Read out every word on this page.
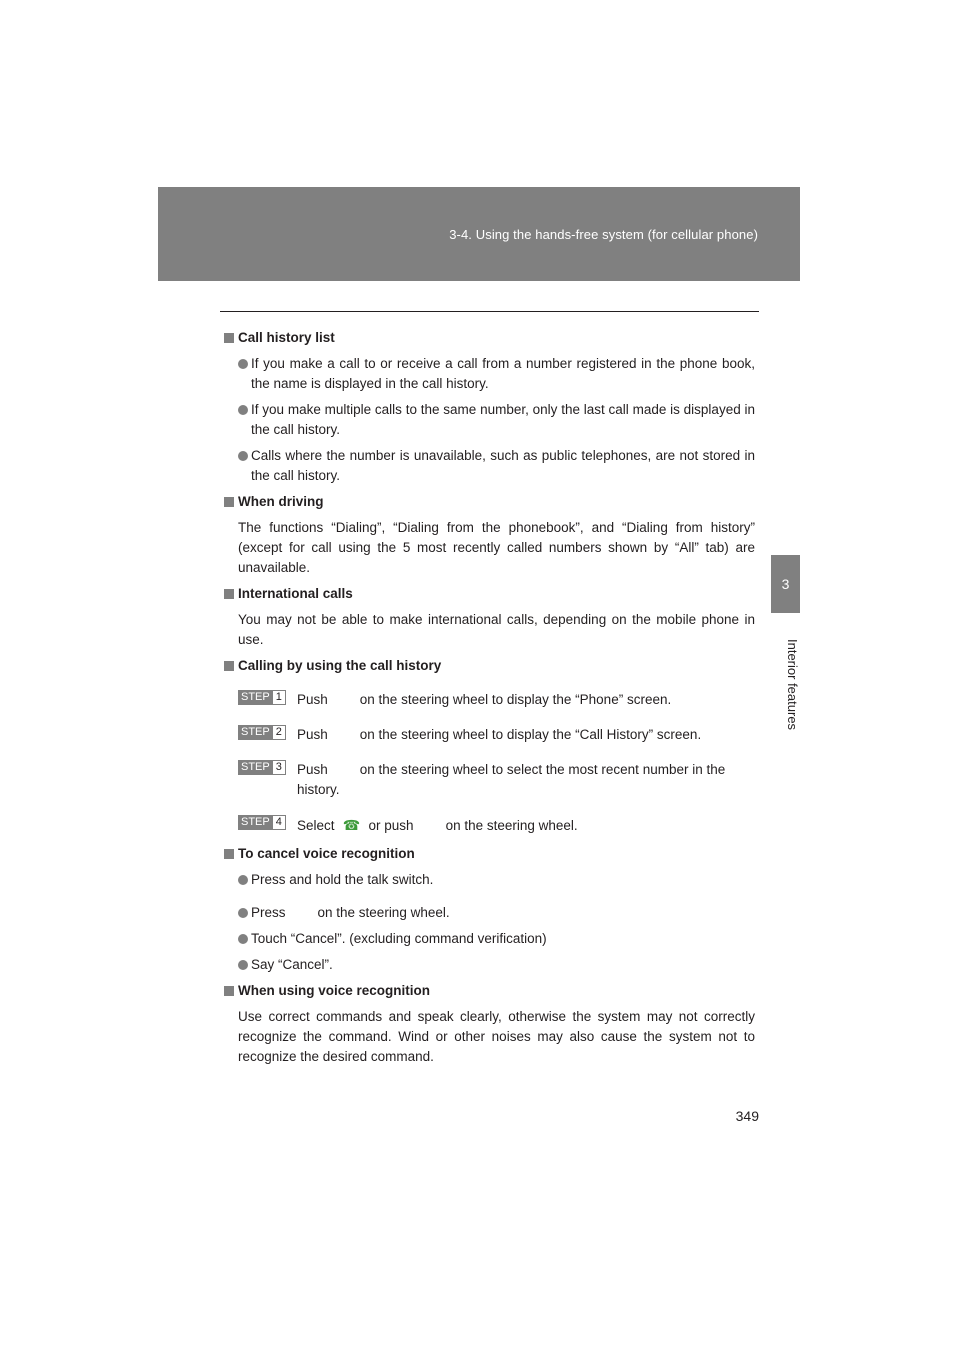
3-4. Using the hands-free system (for cellular phone)
3
Interior features
Call history list
If you make a call to or receive a call from a number registered in the phone book, the name is displayed in the call history.
If you make multiple calls to the same number, only the last call made is displayed in the call history.
Calls where the number is unavailable, such as public telephones, are not stored in the call history.
When driving
The functions “Dialing”, “Dialing from the phonebook”, and “Dialing from history” (except for call using the 5 most recently called numbers shown by “All” tab) are unavailable.
International calls
You may not be able to make international calls, depending on the mobile phone in use.
Calling by using the call history
STEP 1 Push on the steering wheel to display the “Phone” screen.
STEP 2 Push on the steering wheel to display the “Call History” screen.
STEP 3 Push on the steering wheel to select the most recent number in the history.
STEP 4 Select ☎ or push on the steering wheel.
To cancel voice recognition
Press and hold the talk switch.
Press on the steering wheel.
Touch “Cancel”. (excluding command verification)
Say “Cancel”.
When using voice recognition
Use correct commands and speak clearly, otherwise the system may not correctly recognize the command. Wind or other noises may also cause the system not to recognize the desired command.
349
